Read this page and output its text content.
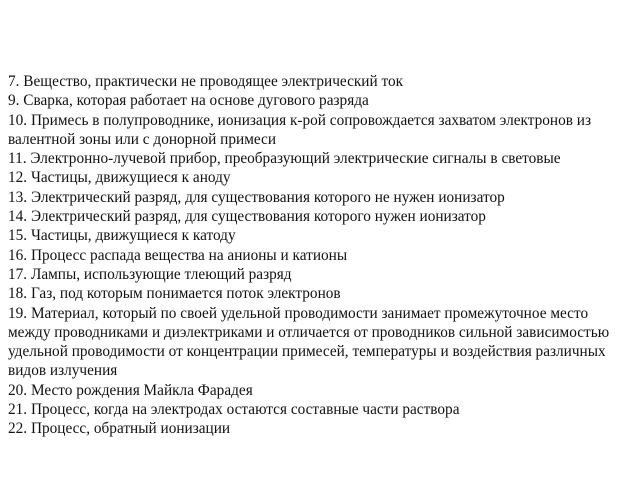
7. Вещество, практически не проводящее электрический ток

9. Сварка, которая работает на основе дугового разряда

10. Примесь в полупроводнике, ионизация к-рой сопровождается захватом электронов из валентной зоны или с донорной примеси

11. Электронно-лучевой прибор, преобразующий электрические сигналы в световые

12. Частицы, движущиеся к аноду

13. Электрический разряд, для существования которого не нужен ионизатор

14. Электрический разряд, для существования которого нужен ионизатор

15. Частицы, движущиеся к катоду

16. Процесс распада вещества на анионы и катионы

17. Лампы, использующие тлеющий разряд

18. Газ, под которым понимается поток электронов

19. Материал, который по своей удельной проводимости занимает промежуточное место между проводниками и диэлектриками и отличается от проводников сильной зависимостью удельной проводимости от концентрации примесей, температуры и воздействия различных видов излучения

20. Место рождения Майкла Фарадея

21. Процесс, когда на электродах остаются составные части раствора

22. Процесс, обратный ионизации
